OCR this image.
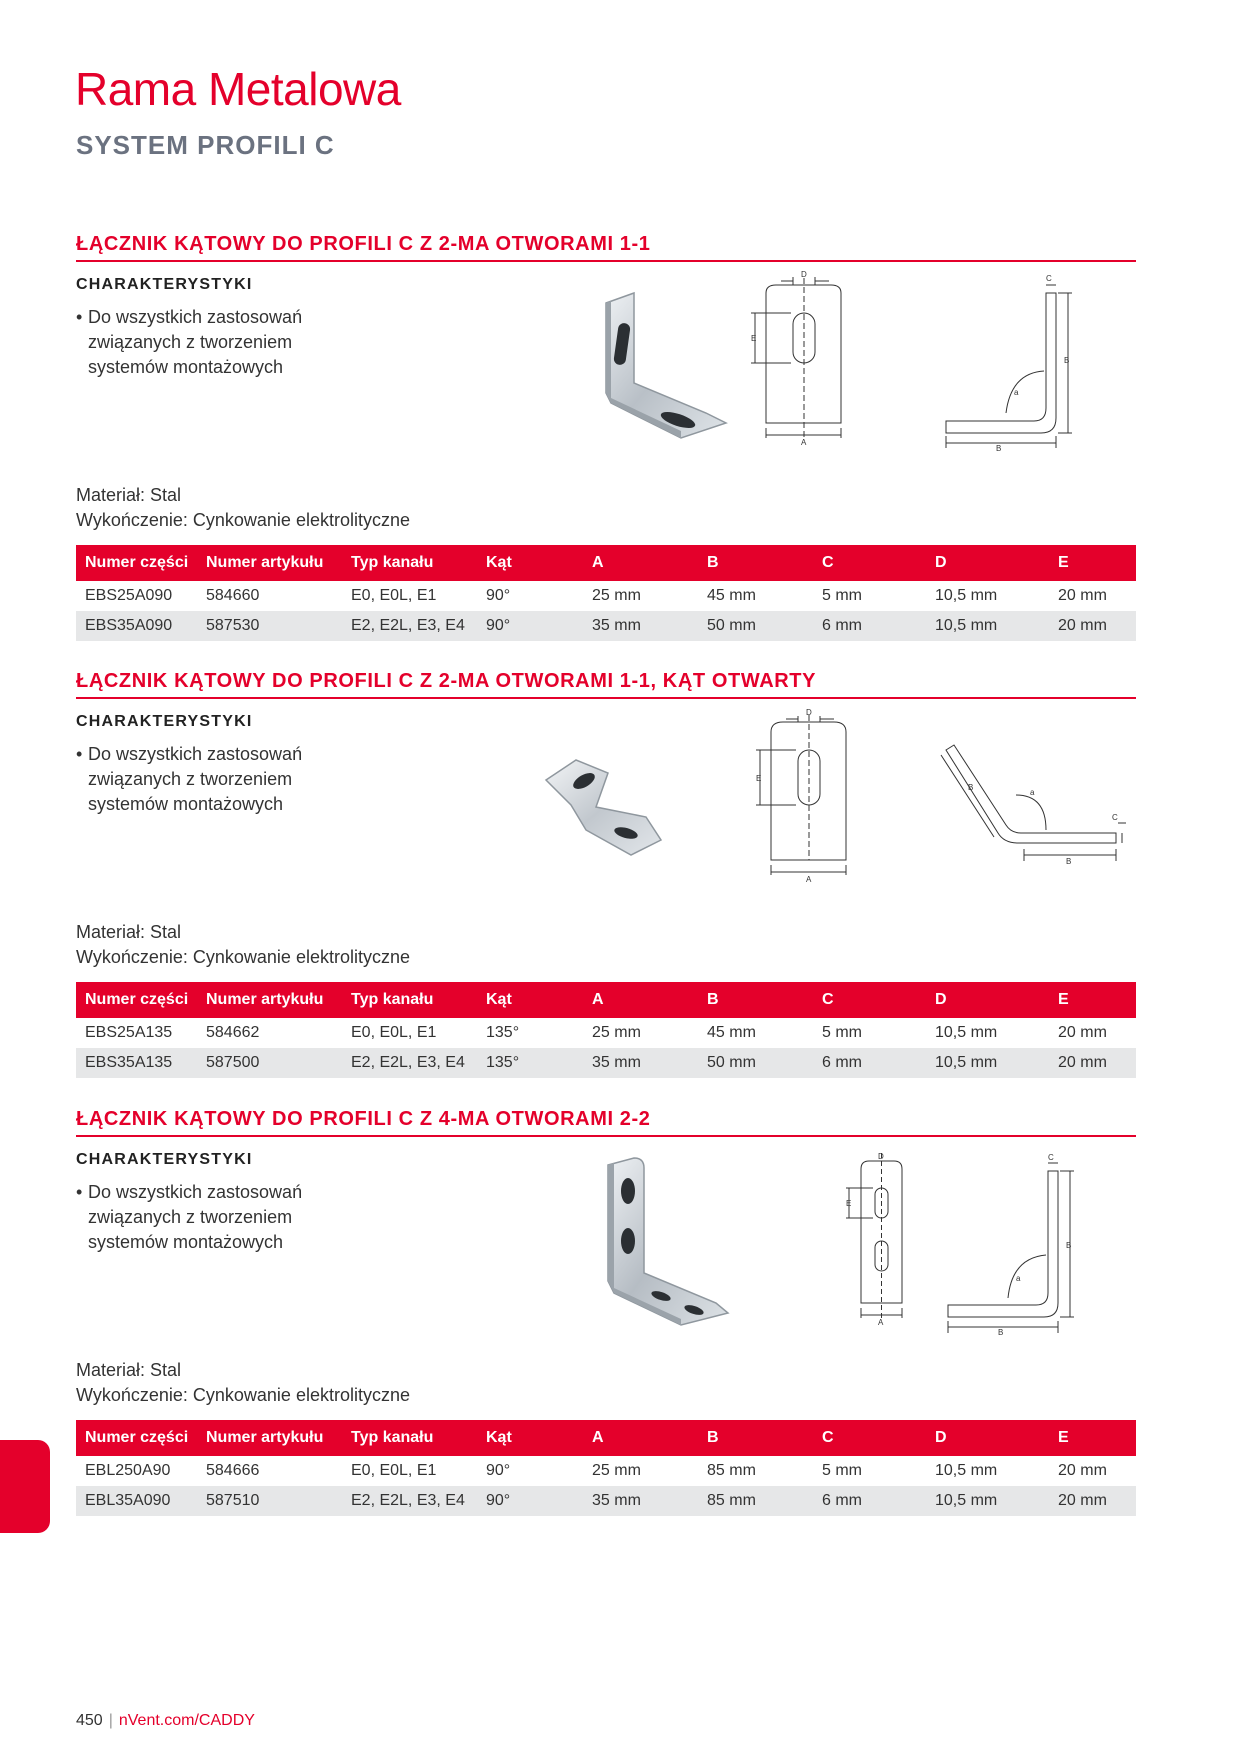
Rama Metalowa
SYSTEM PROFILI C
ŁĄCZNIK KĄTOWY DO PROFILI C Z 2-MA OTWORAMI 1-1
CHARAKTERYSTYKI
• Do wszystkich zastosowań związanych z tworzeniem systemów montażowych
A
D
E
B
B
C
a
Materiał: Stal
Wykończenie: Cynkowanie elektrolityczne
Numer części	Numer artykułu	Typ kanału	Kąt	A	B	C	D	E
EBS25A090	584660	E0, E0L, E1	90°	25 mm	45 mm	5 mm	10,5 mm	20 mm
EBS35A090	587530	E2, E2L, E3, E4	90°	35 mm	50 mm	6 mm	10,5 mm	20 mm
ŁĄCZNIK KĄTOWY DO PROFILI C Z 2-MA OTWORAMI 1-1, KĄT OTWARTY
CHARAKTERYSTYKI
• Do wszystkich zastosowań związanych z tworzeniem systemów montażowych
A
D
E
B
B
a
C
Materiał: Stal
Wykończenie: Cynkowanie elektrolityczne
Numer części	Numer artykułu	Typ kanału	Kąt	A	B	C	D	E
EBS25A135	584662	E0, E0L, E1	135°	25 mm	45 mm	5 mm	10,5 mm	20 mm
EBS35A135	587500	E2, E2L, E3, E4	135°	35 mm	50 mm	6 mm	10,5 mm	20 mm
ŁĄCZNIK KĄTOWY DO PROFILI C Z 4-MA OTWORAMI 2-2
CHARAKTERYSTYKI
• Do wszystkich zastosowań związanych z tworzeniem systemów montażowych
A
D
E
B
B
C
a
Materiał: Stal
Wykończenie: Cynkowanie elektrolityczne
Numer części	Numer artykułu	Typ kanału	Kąt	A	B	C	D	E
EBL250A90	584666	E0, E0L, E1	90°	25 mm	85 mm	5 mm	10,5 mm	20 mm
EBL35A090	587510	E2, E2L, E3, E4	90°	35 mm	85 mm	6 mm	10,5 mm	20 mm
450 | nVent.com/CADDY
